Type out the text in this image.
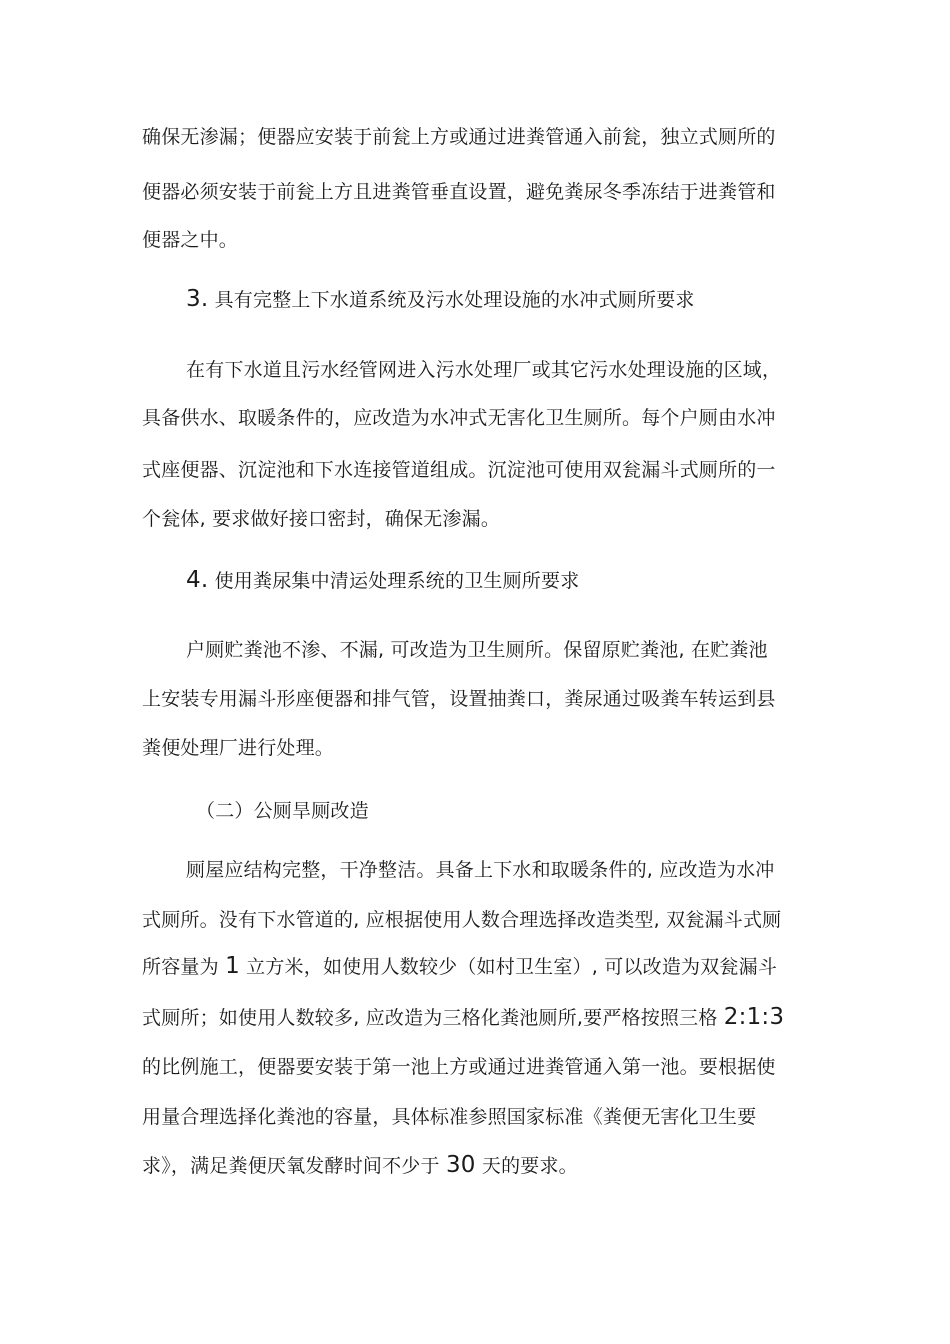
确保无渗漏；便器应安装于前瓮上方或通过进粪管通入前瓮，独立式厕所的
便器必须安装于前瓮上方且进粪管垂直设置，避免粪尿冬季冻结于进粪管和
便器之中。
3. 具有完整上下水道系统及污水处理设施的水冲式厕所要求
在有下水道且污水经管网进入污水处理厂或其它污水处理设施的区域，
具备供水、取暖条件的，应改造为水冲式无害化卫生厕所。每个户厕由水冲
式座便器、沉淀池和下水连接管道组成。沉淀池可使用双瓮漏斗式厕所的一
个瓮体, 要求做好接口密封，确保无渗漏。
4. 使用粪尿集中清运处理系统的卫生厕所要求
户厕贮粪池不渗、不漏, 可改造为卫生厕所。保留原贮粪池, 在贮粪池
上安装专用漏斗形座便器和排气管，设置抽粪口，粪尿通过吸粪车转运到县
粪便处理厂进行处理。
（二）公厕旱厕改造
厕屋应结构完整，干净整洁。具备上下水和取暖条件的, 应改造为水冲
式厕所。没有下水管道的, 应根据使用人数合理选择改造类型, 双瓮漏斗式厕
所容量为 1 立方米，如使用人数较少（如村卫生室）, 可以改造为双瓮漏斗
式厕所；如使用人数较多, 应改造为三格化粪池厕所,要严格按照三格 2:1:3
的比例施工，便器要安装于第一池上方或通过进粪管通入第一池。要根据使
用量合理选择化粪池的容量，具体标准参照国家标准《粪便无害化卫生要
求》，满足粪便厌氧发酵时间不少于 30 天的要求。
